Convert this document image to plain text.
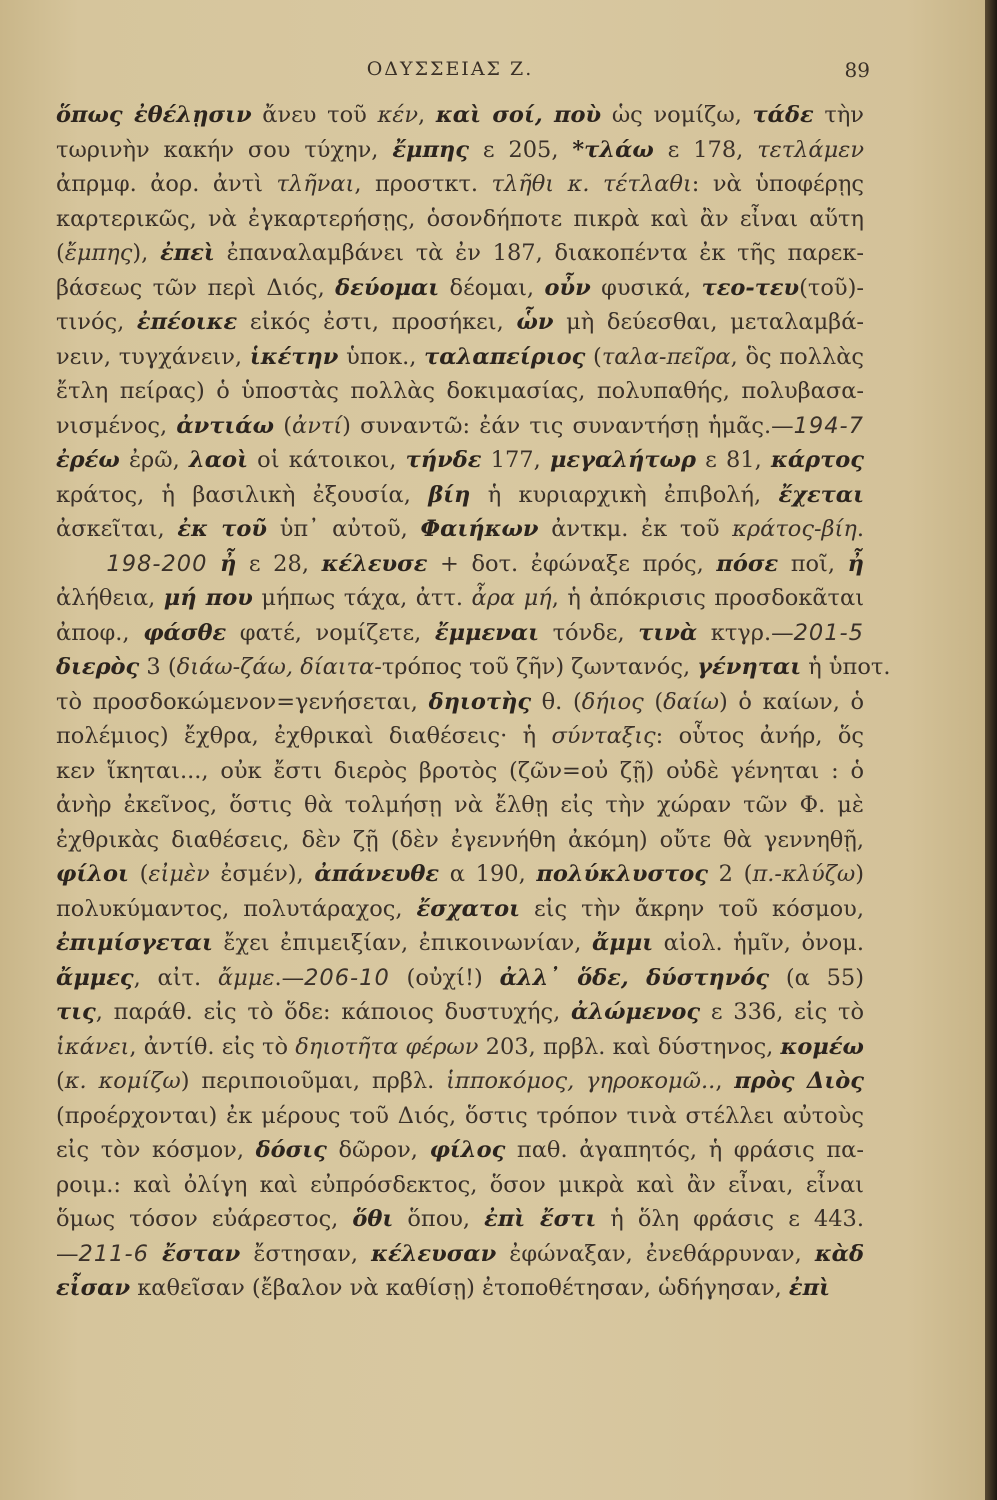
ΟΔΥΣΣΕΙΑΣ Ζ.	89
ὅπως ἐθέλῃσιν ἄνευ τοῦ κέν, καὶ σοί, ποὺ ὡς νομίζω, τάδε τὴν
τωρινὴν κακήν σου τύχην, ἔμπης ε 205, *τλάω ε 178, τετλάμεν
ἀπρμφ. ἀορ. ἀντὶ τλῆναι, προστκτ. τλῆθι κ. τέτλαθι: νὰ ὑποφέρῃς
καρτερικῶς, νὰ ἐγκαρτερήσῃς, ὁσονδήποτε πικρὰ καὶ ἂν εἶναι αὕτη
(ἔμπης), ἐπεὶ ἐπαναλαμβάνει τὰ ἐν 187, διακοπέντα ἐκ τῆς παρεκ-
βάσεως τῶν περὶ Διός, δεύομαι δέομαι, οὖν φυσικά, τεο-τευ(τοῦ)-
τινός, ἐπέοικε εἰκός ἐστι, προσήκει, ὧν μὴ δεύεσθαι, μεταλαμβά-
νειν, τυγχάνειν, ἱκέτην ὑποκ., ταλαπείριος (ταλα-πεῖρα, ὃς πολλὰς
ἔτλη πείρας) ὁ ὑποστὰς πολλὰς δοκιμασίας, πολυπαθής, πολυβασα-
νισμένος, ἀντιάω (ἀντί) συναντῶ: ἐάν τις συναντήσῃ ἡμᾶς.—194-7
ἐρέω ἐρῶ, λαοὶ οἱ κάτοικοι, τήνδε 177, μεγαλήτωρ ε 81, κάρτος
κράτος, ἡ βασιλικὴ ἐξουσία, βίη ἡ κυριαρχικὴ ἐπιβολή, ἔχεται
ἀσκεῖται, ἐκ τοῦ ὑπ᾽ αὐτοῦ, Φαιήκων ἀντκμ. ἐκ τοῦ κράτος-βίη.
198-200 ἦ ε 28, κέλευσε + δοτ. ἐφώναξε πρός, πόσε ποῖ, ἦ
ἀλήθεια, μή που μήπως τάχα, ἀττ. ἆρα μή, ἡ ἀπόκρισις προσδοκᾶται
ἀποφ., φάσθε φατέ, νομίζετε, ἔμμεναι τόνδε, τινὰ κτγρ.—201-5
διερὸς 3 (διάω-ζάω, δίαιτα-τρόπος τοῦ ζῆν) ζωντανός, γένηται ἡ ὑποτ.
τὸ προσδοκώμενον=γενήσεται, δηιοτὴς θ. (δήιος (δαίω) ὁ καίων, ὁ
πολέμιος) ἔχθρα, ἐχθρικαὶ διαθέσεις· ἡ σύνταξις: οὗτος ἀνήρ, ὅς
κεν ἵκηται..., οὐκ ἔστι διερὸς βροτὸς (ζῶν=οὐ ζῇ) οὐδὲ γένηται : ὁ
ἀνὴρ ἐκεῖνος, ὅστις θὰ τολμήσῃ νὰ ἔλθῃ εἰς τὴν χώραν τῶν Φ. μὲ
ἐχθρικὰς διαθέσεις, δὲν ζῇ (δὲν ἐγεννήθη ἀκόμη) οὔτε θὰ γεννηθῇ,
φίλοι (εἰμὲν ἐσμέν), ἀπάνευθε α 190, πολύκλυστος 2 (π.-κλύζω)
πολυκύμαντος, πολυτάραχος, ἔσχατοι εἰς τὴν ἄκρην τοῦ κόσμου,
ἐπιμίσγεται ἔχει ἐπιμειξίαν, ἐπικοινωνίαν, ἄμμι αἰολ. ἡμῖν, ὀνομ.
ἄμμες, αἰτ. ἄμμε.—206-10 (οὐχί!) ἀλλ᾽ ὅδε, δύστηνός (α 55)
τις, παράθ. εἰς τὸ ὅδε: κάποιος δυστυχής, ἀλώμενος ε 336, εἰς τὸ
ἱκάνει, ἀντίθ. εἰς τὸ δηιοτῆτα φέρων 203, πρβλ. καὶ δύστηνος, κομέω
(κ. κομίζω) περιποιοῦμαι, πρβλ. ἱπποκόμος, γηροκομῶ.., πρὸς Διὸς
(προέρχονται) ἐκ μέρους τοῦ Διός, ὅστις τρόπον τινὰ στέλλει αὐτοὺς
εἰς τὸν κόσμον, δόσις δῶρον, φίλος παθ. ἀγαπητός, ἡ φράσις πα-
ροιμ.: καὶ ὀλίγη καὶ εὐπρόσδεκτος, ὅσον μικρὰ καὶ ἂν εἶναι, εἶναι
ὅμως τόσον εὐάρεστος, ὅθι ὅπου, ἐπὶ ἔστι ἡ ὅλη φράσις ε 443.
—211-6 ἔσταν ἔστησαν, κέλευσαν ἐφώναξαν, ἐνεθάρρυναν, κὰδ
εἶσαν καθεῖσαν (ἔβαλον νὰ καθίσῃ) ἐτοποθέτησαν, ὡδήγησαν, ἐπὶ
